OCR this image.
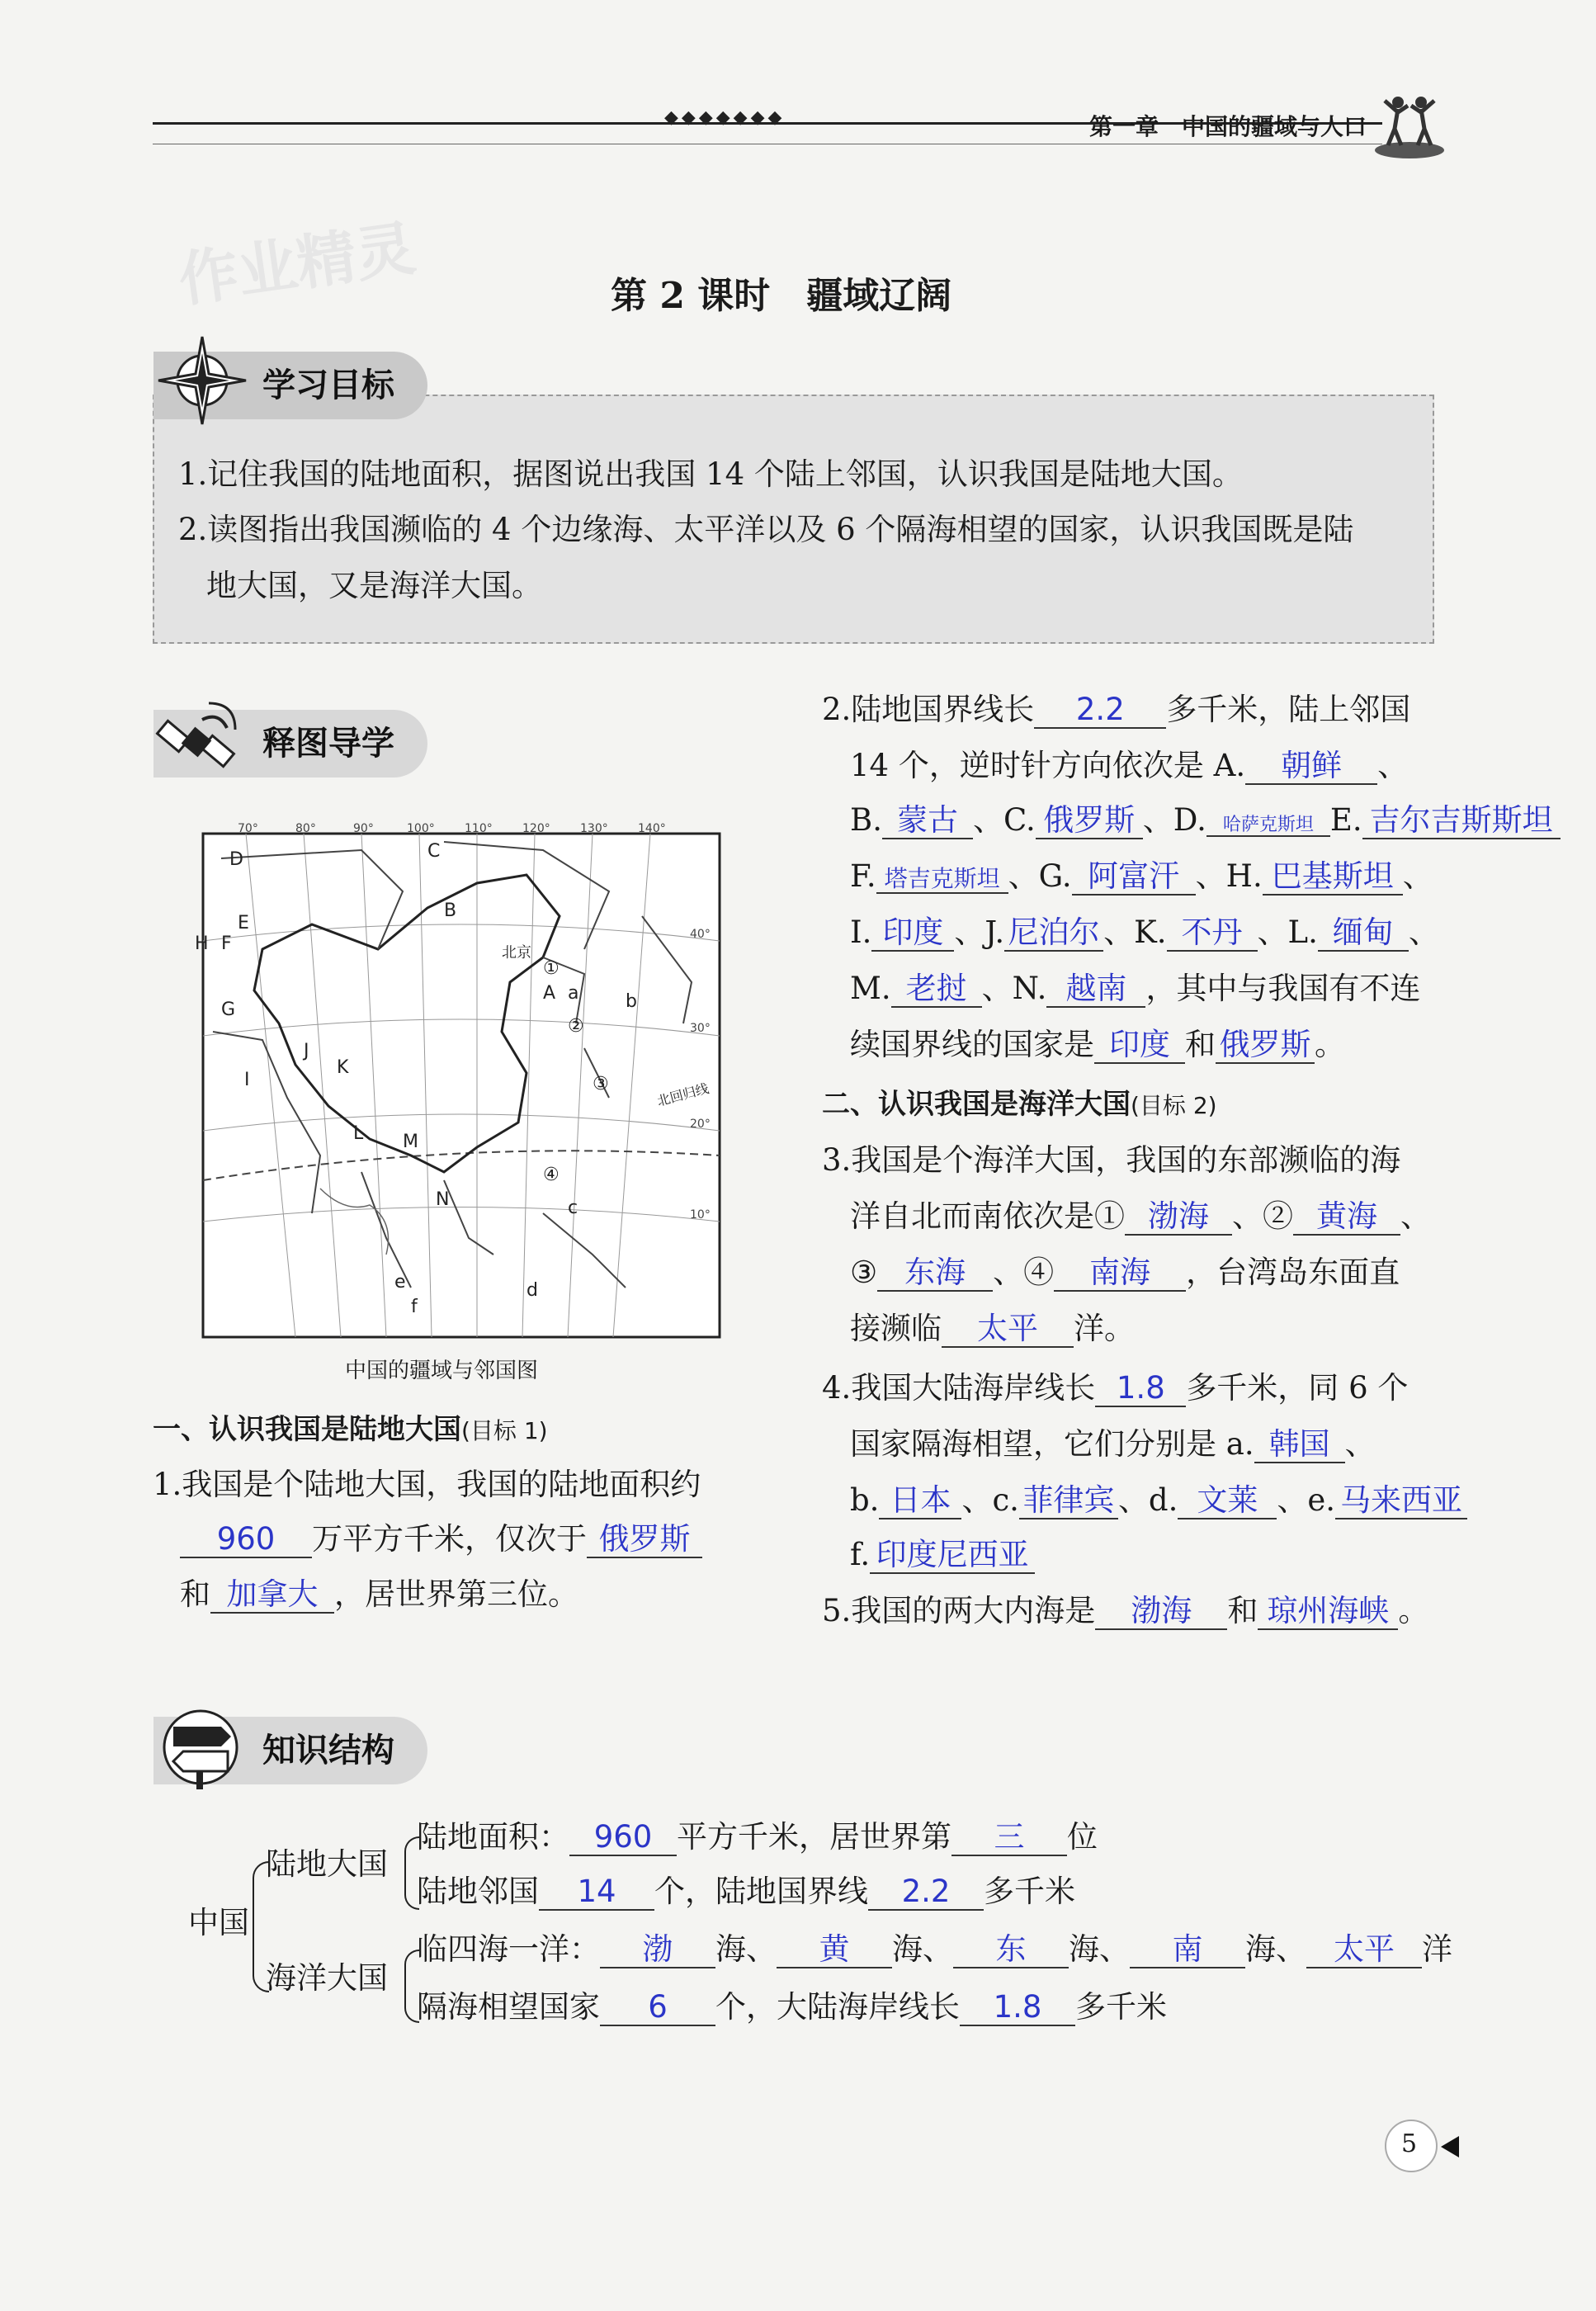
◆◆◆◆◆◆◆	第一章　中国的疆域与人口
作业精灵	第 2 课时　疆域辽阔
学习目标
1.记住我国的陆地面积，据图说出我国 14 个陆上邻国，认识我国是陆地大国。
2.读图指出我国濒临的 4 个边缘海、太平洋以及 6 个隔海相望的国家，认识我国既是陆
地大国，又是海洋大国。
释图导学
D	C
B
A
E
F
H
G
I
K
J
L M
N
a	b
c
d
e
f
①
②
③
④
北京
北回归线
70°	80°	90°	100°	110°	120°	130°	140°
40°
30°
20°
10°
中国的疆域与邻国图
一、认识我国是陆地大国(目标 1)
1.我国是个陆地大国，我国的陆地面积约
960 万平方千米，仅次于 俄罗斯
和 加拿大 ，居世界第三位。
2.陆地国界线长 2.2 多千米，陆上邻国
14 个，逆时针方向依次是 A. 朝鲜 、
B. 蒙古 、C. 俄罗斯 、D. 哈萨克斯坦 E. 吉尔吉斯斯坦
F. 塔吉克斯坦 、G. 阿富汗 、H. 巴基斯坦 、
I. 印度 、J. 尼泊尔 、K. 不丹 、L. 缅甸 、
M. 老挝 、N. 越南 ，其中与我国有不连
续国界线的国家是 印度 和 俄罗斯 。
二、认识我国是海洋大国(目标 2)
3.我国是个海洋大国，我国的东部濒临的海
洋自北而南依次是① 渤海 、② 黄海 、
③ 东海 、④ 南海 ，台湾岛东面直
接濒临 太平 洋。
4.我国大陆海岸线长 1.8 多千米，同 6 个
国家隔海相望，它们分别是 a. 韩国 、
b. 日本 、c. 菲律宾 、d. 文莱 、e. 马来西亚
f. 印度尼西亚
5.我国的两大内海是 渤海 和 琼州海峡 。
知识结构
中国
陆地大国
海洋大国
陆地面积： 960 平方千米，居世界第 三 位
陆地邻国 14 个，陆地国界线 2.2 多千米
临四海一洋： 渤 海、 黄 海、 东 海、 南 海、 太平 洋
隔海相望国家 6 个，大陆海岸线长 1.8 多千米
5
